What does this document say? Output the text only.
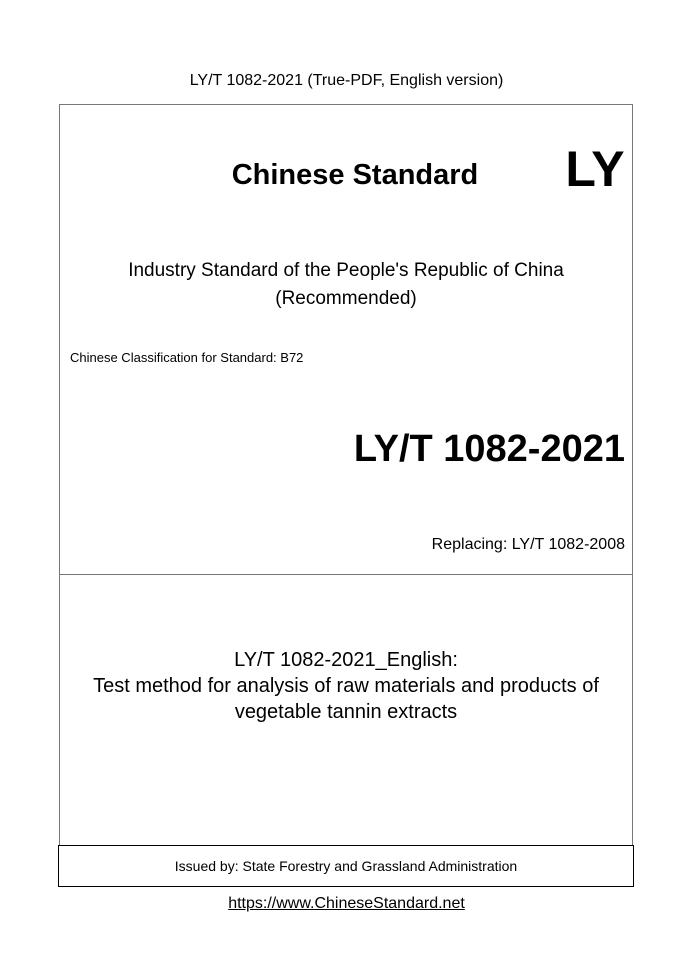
LY/T 1082-2021 (True-PDF, English version)
Chinese Standard	LY
Industry Standard of the People's Republic of China
(Recommended)
Chinese Classification for Standard: B72
LY/T 1082-2021
Replacing: LY/T 1082-2008
LY/T 1082-2021_English:
Test method for analysis of raw materials and products of
vegetable tannin extracts
Issued by: State Forestry and Grassland Administration
https://www.ChineseStandard.net
